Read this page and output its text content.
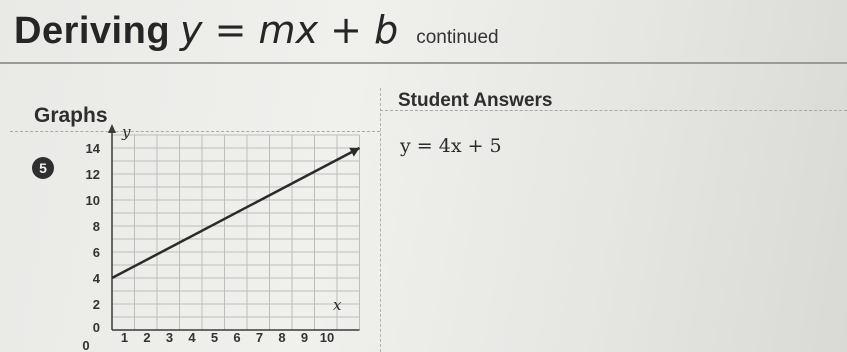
Deriving y = mx + b continued
Graphs
Student Answers
5
y = 4x + 5
y
x
0
2
4
6
8
10
12
14
0
1 2 3 4 5 6 7 8 9 10
